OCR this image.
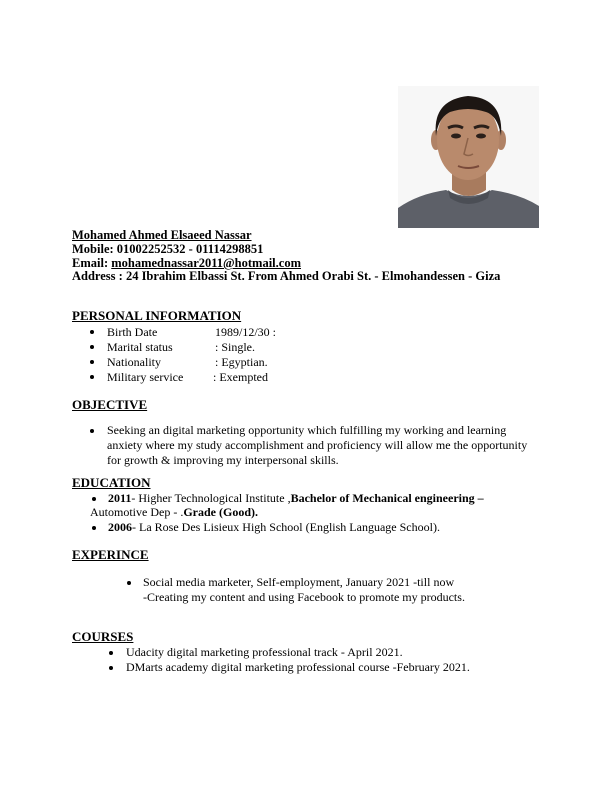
Mohamed Ahmed Elsaeed Nassar
Mobile: 01002252532 - 01114298851
Email: mohamednassar2011@hotmail.com
Address : 24 Ibrahim Elbassi St. From Ahmed Orabi St. - Elmohandessen - Giza
PERSONAL INFORMATION
Birth Date	1989/12/30 :
Marital status	: Single.
Nationality	: Egyptian.
Military service : Exempted
OBJECTIVE
Seeking an digital marketing opportunity which fulfilling my working and learning
anxiety where my study accomplishment and proficiency will allow me the opportunity
for growth & improving my interpersonal skills.
EDUCATION
2011- Higher Technological Institute ,Bachelor of Mechanical engineering –
Automotive Dep - .Grade (Good).
2006- La Rose Des Lisieux High School (English Language School).
EXPERINCE
Social media marketer, Self-employment, January 2021 -till now
-Creating my content and using Facebook to promote my products.
COURSES
Udacity digital marketing professional track - April 2021.
DMarts academy digital marketing professional course -February 2021.
